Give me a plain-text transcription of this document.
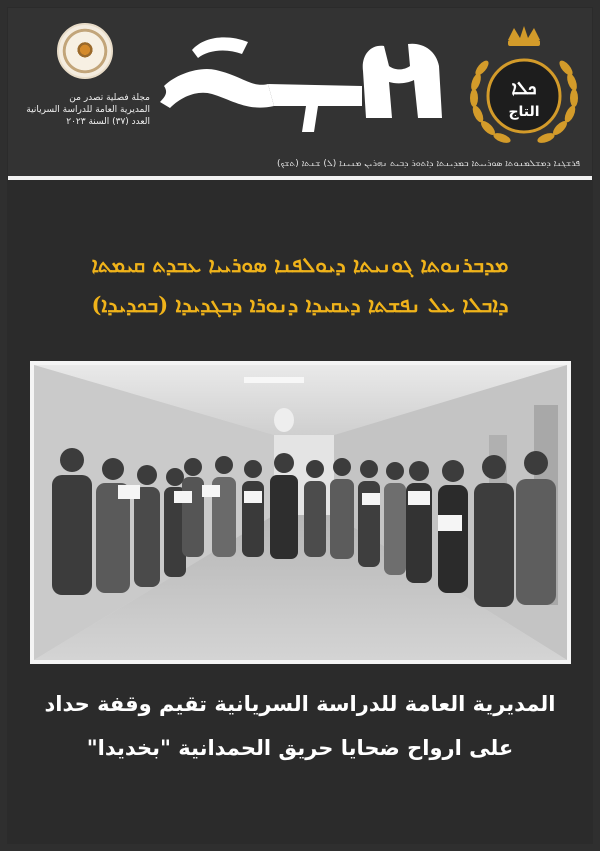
مجلة فصلية تصدر من
المديرية العامة للدراسة السريانية
العدد (٣٧) السنة ٢٠٢٣
ܟܠܐ
التاج
ܦܪܫܓܢܐ ܕܡܫܠܡܢܘܬܐ ܣܘܪܝܝܬܐ ܒܡܕܝܢܬܐ ܕܐܬܘܪ ܕܒܝܬ ܢܗܪܝܢ ܡܢܝܢܐ (ܠ) ܫܢܬܐ (ܬܫܟ)
ܡܕܒܪܢܘܬܐ ܓܘܢܝܬܐ ܕܝܘܠܦܢܐ ܣܘܪܝܝܐ ܥܒܕܬ ܩܝܡܬܐ
ܕܐܒܠܐ ܥܠ ܢܦܫܬܐ ܕܝܩܝܕܐ ܕܢܘܪܐ ܕܒܓܕܝܕܐ (ܒܟܕܝܕܐ)
المديرية العامة للدراسة السريانية تقيم وقفة حداد
على ارواح ضحايا حريق الحمدانية "بخديدا"
